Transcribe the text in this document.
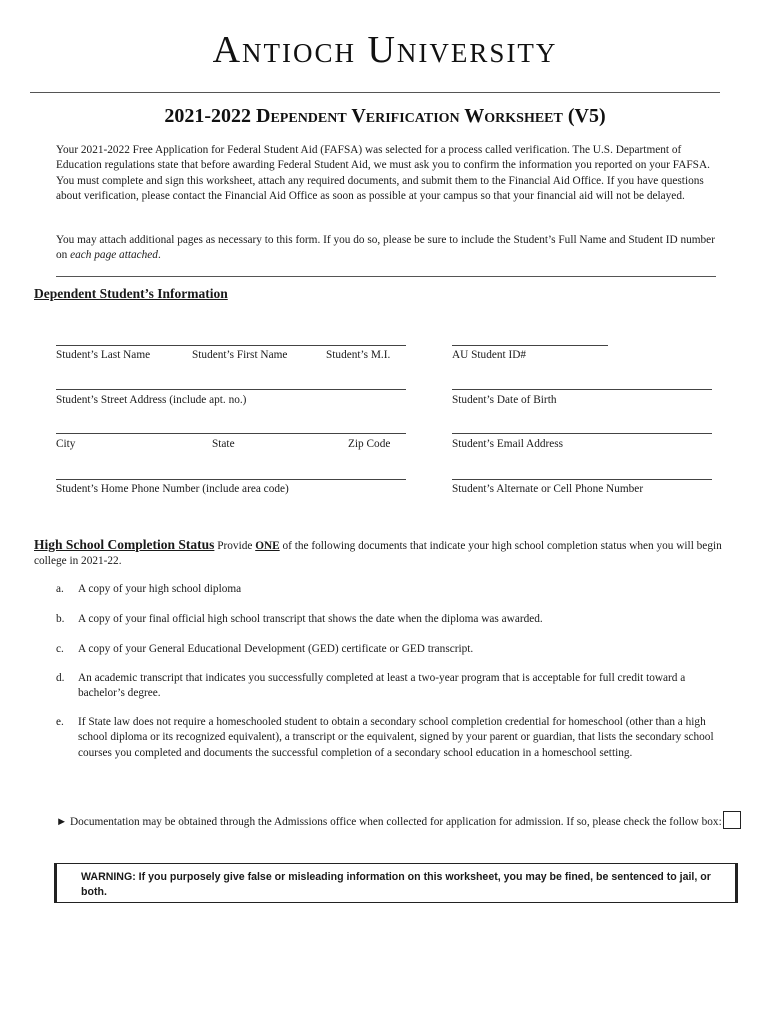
Antioch University
2021-2022 Dependent Verification Worksheet (V5)
Your 2021-2022 Free Application for Federal Student Aid (FAFSA) was selected for a process called verification. The U.S. Department of Education regulations state that before awarding Federal Student Aid, we must ask you to confirm the information you reported on your FAFSA. You must complete and sign this worksheet, attach any required documents, and submit them to the Financial Aid Office. If you have questions about verification, please contact the Financial Aid Office as soon as possible at your campus so that your financial aid will not be delayed.
You may attach additional pages as necessary to this form. If you do so, please be sure to include the Student’s Full Name and Student ID number on each page attached.
Dependent Student’s Information
Student’s Last Name	Student’s First Name	Student’s M.I.	AU Student ID#
Student’s Street Address (include apt. no.)	Student’s Date of Birth
City	State	Zip Code	Student’s Email Address
Student’s Home Phone Number (include area code)	Student’s Alternate or Cell Phone Number
High School Completion Status Provide ONE of the following documents that indicate your high school completion status when you will begin college in 2021-22.
a. A copy of your high school diploma
b. A copy of your final official high school transcript that shows the date when the diploma was awarded.
c. A copy of your General Educational Development (GED) certificate or GED transcript.
d. An academic transcript that indicates you successfully completed at least a two-year program that is acceptable for full credit toward a bachelor’s degree.
e. If State law does not require a homeschooled student to obtain a secondary school completion credential for homeschool (other than a high school diploma or its recognized equivalent), a transcript or the equivalent, signed by your parent or guardian, that lists the secondary school courses you completed and documents the successful completion of a secondary school education in a homeschool setting.
► Documentation may be obtained through the Admissions office when collected for application for admission. If so, please check the follow box:
WARNING: If you purposely give false or misleading information on this worksheet, you may be fined, be sentenced to jail, or both.
